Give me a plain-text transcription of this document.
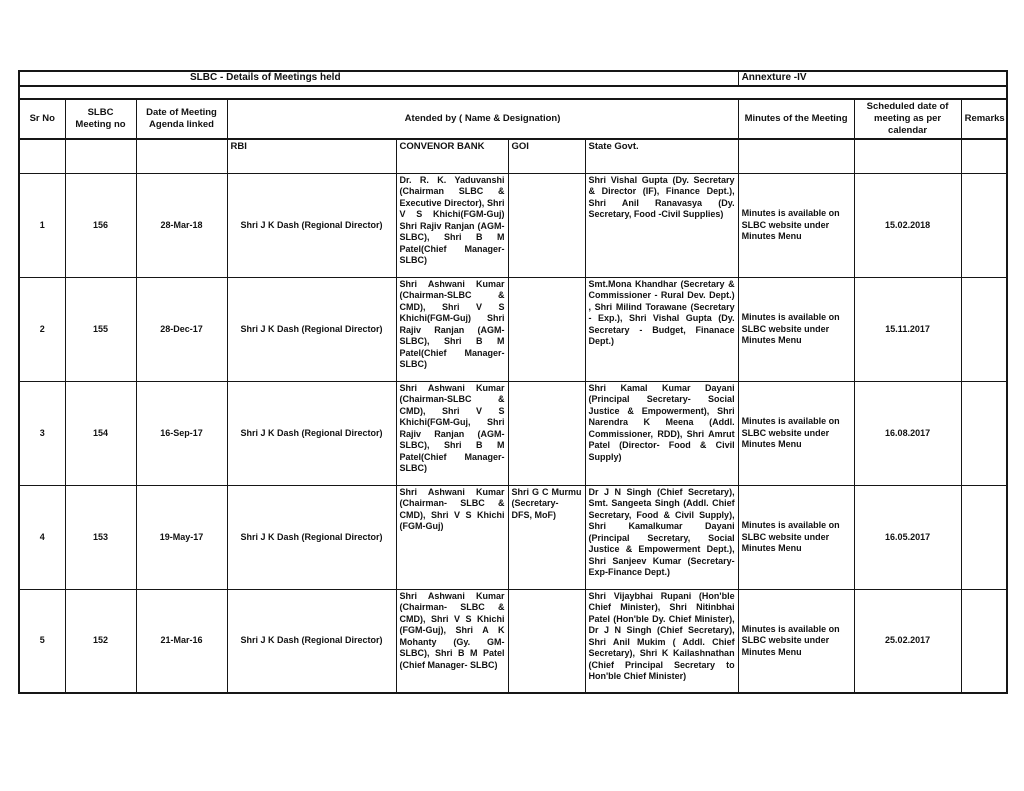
SLBC - Details of Meetings held							Annexture -IV		

Sr No	SLBC Meeting no	Date of Meeting Agenda linked	Atended by ( Name & Designation)				Minutes of the Meeting	Scheduled date of meeting as per calendar	Remarks
			RBI	CONVENOR BANK	GOI	State Govt.			
1	156	28-Mar-18	Shri J K Dash (Regional Director)	Dr. R. K. Yaduvanshi (Chairman SLBC & Executive Director), Shri V S Khichi(FGM-Guj) Shri Rajiv Ranjan (AGM-SLBC), Shri B M Patel(Chief Manager-SLBC)		Shri Vishal Gupta (Dy. Secretary & Director (IF), Finance Dept.), Shri Anil Ranavasya (Dy. Secretary, Food -Civil Supplies)	Minutes is available on SLBC website under Minutes Menu	15.02.2018	
2	155	28-Dec-17	Shri J K Dash (Regional Director)	Shri Ashwani Kumar (Chairman-SLBC & CMD), Shri V S Khichi(FGM-Guj) Shri Rajiv Ranjan (AGM-SLBC), Shri B M Patel(Chief Manager-SLBC)		Smt.Mona Khandhar (Secretary & Commissioner - Rural Dev. Dept.) , Shri Milind Torawane (Secretary - Exp.), Shri Vishal Gupta (Dy. Secretary - Budget, Finanace Dept.)	Minutes is available on SLBC website under Minutes Menu	15.11.2017	
3	154	16-Sep-17	Shri J K Dash (Regional Director)	Shri Ashwani Kumar (Chairman-SLBC & CMD), Shri V S Khichi(FGM-Guj, Shri Rajiv Ranjan (AGM-SLBC), Shri B M Patel(Chief Manager-SLBC)		Shri Kamal Kumar Dayani (Principal Secretary- Social Justice & Empowerment), Shri Narendra K Meena (Addl. Commissioner, RDD), Shri Amrut Patel (Director- Food & Civil Supply)	Minutes is available on SLBC website under Minutes Menu	16.08.2017	
4	153	19-May-17	Shri J K Dash (Regional Director)	Shri Ashwani Kumar (Chairman- SLBC & CMD), Shri V S Khichi (FGM-Guj)	Shri G C Murmu (Secretary- DFS, MoF)	Dr J N Singh (Chief Secretary), Smt. Sangeeta Singh (Addl. Chief Secretary, Food & Civil Supply), Shri Kamalkumar Dayani (Principal Secretary, Social Justice & Empowerment Dept.), Shri Sanjeev Kumar (Secretary-Exp-Finance Dept.)	Minutes is available on SLBC website under Minutes Menu	16.05.2017	
5	152	21-Mar-16	Shri J K Dash (Regional Director)	Shri Ashwani Kumar (Chairman- SLBC & CMD), Shri V S Khichi (FGM-Guj), Shri A K Mohanty (Gy. GM-SLBC), Shri B M Patel (Chief Manager- SLBC)		Shri Vijaybhai Rupani (Hon'ble Chief Minister), Shri Nitinbhai Patel (Hon'ble Dy. Chief Minister), Dr J N Singh (Chief Secretary), Shri Anil Mukim ( Addl. Chief Secretary), Shri K Kailashnathan (Chief Principal Secretary to Hon'ble Chief Minister)	Minutes is available on SLBC website under Minutes Menu	25.02.2017	
